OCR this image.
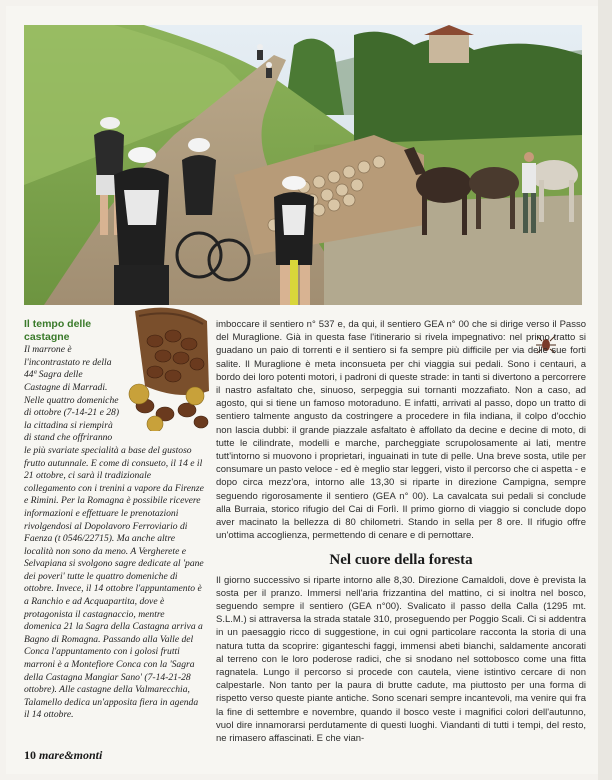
Il tempo delle castagne

Il marrone è l'incontrastato re della 44ª Sagra delle Castagne di Marradi. Nelle quattro domeniche di ottobre (7-14-21 e 28) la cittadina si riempirà di stand che offriranno le più svariate specialità a base del gustoso frutto autunnale. E come di consueto, il 14 e il 21 ottobre, ci sarà il tradizionale collegamento con i trenini a vapore da Firenze e Rimini. Per la Romagna è possibile ricevere informazioni e effettuare le prenotazioni rivolgendosi al Dopolavoro Ferroviario di Faenza (t 0546/22715). Ma anche altre località non sono da meno. A Vergherete e Selvapiana si svolgono sagre dedicate al 'pane dei poveri' tutte le quattro domeniche di ottobre. Invece, il 14 ottobre l'appuntamento è a Ranchio e ad Acquapartita, dove è protagonista il castagnaccio, mentre domenica 21 la Sagra della Castagna arriva a Bagno di Romagna. Passando alla Valle del Conca l'appuntamento con i golosi frutti marroni è a Montefiore Conca con la 'Sagra della Castagna Mangiar Sano' (7-14-21-28 ottobre). Alle castagne della Valmarecchia, Talamello dedica un'apposita fiera in agenda il 14 ottobre.

imboccare il sentiero n° 537 e, da qui, il sentiero GEA n° 00 che si dirige verso il Passo del Muraglione. Già in questa fase l'itinerario si rivela impegnativo: nel primo tratto si guadano un paio di torrenti e il sentiero si fa sempre più difficile per via delle sue forti salite. Il Muraglione è meta inconsueta per chi viaggia sui pedali. Sono i centauri, a bordo dei loro potenti motori, i padroni di queste strade: in tanti si divertono a percorrere il nastro asfaltato che, sinuoso, serpeggia sui tornanti mozzafiato. Non a caso, ad agosto, qui si tiene un famoso motoraduno. E infatti, arrivati al passo, dopo un tratto di sentiero talmente angusto da costringere a procedere in fila indiana, il colpo d'occhio non lascia dubbi: il grande piazzale asfaltato è affollato da decine e decine di moto, di tutte le cilindrate, modelli e marche, parcheggiate scrupolosamente ai lati, mentre tutt'intorno si muovono i proprietari, inguainati in tute di pelle. Una breve sosta, utile per consumare un pasto veloce - ed è meglio star leggeri, visto il percorso che ci aspetta - e dopo circa mezz'ora, intorno alle 13,30 si riparte in direzione Campigna, sempre seguendo rigorosamente il sentiero (GEA n° 00). La cavalcata sui pedali si conclude alla Burraia, storico rifugio del Cai di Forlì. Il primo giorno di viaggio si conclude dopo aver macinato la bellezza di 80 chilometri. Stando in sella per 8 ore. Il rifugio offre un'ottima accoglienza, permettendo di cenare e di pernottare.

Nel cuore della foresta

Il giorno successivo si riparte intorno alle 8,30. Direzione Camaldoli, dove è prevista la sosta per il pranzo. Immersi nell'aria frizzantina del mattino, ci si inoltra nel bosco, seguendo sempre il sentiero (GEA n°00). Svalicato il passo della Calla (1295 mt. S.L.M.) si attraversa la strada statale 310, proseguendo per Poggio Scali. Ci si addentra in un paesaggio ricco di suggestione, in cui ogni particolare racconta la storia di una natura tutta da scoprire: giganteschi faggi, immensi abeti bianchi, saldamente ancorati al terreno con le loro poderose radici, che si snodano nel sottobosco come una fitta ragnatela. Lungo il percorso si procede con cautela, viene istintivo cercare di non calpestarle. Non tanto per la paura di brutte cadute, ma piuttosto per una forma di rispetto verso queste piante antiche. Sono scenari sempre incantevoli, ma venire qui fra la fine di settembre e novembre, quando il bosco veste i magnifici colori dell'autunno, vuol dire innamorarsi perdutamente di questi luoghi. Viandanti di tutti i tempi, del resto, ne rimasero affascinati. E che vian-

10 mare&monti
